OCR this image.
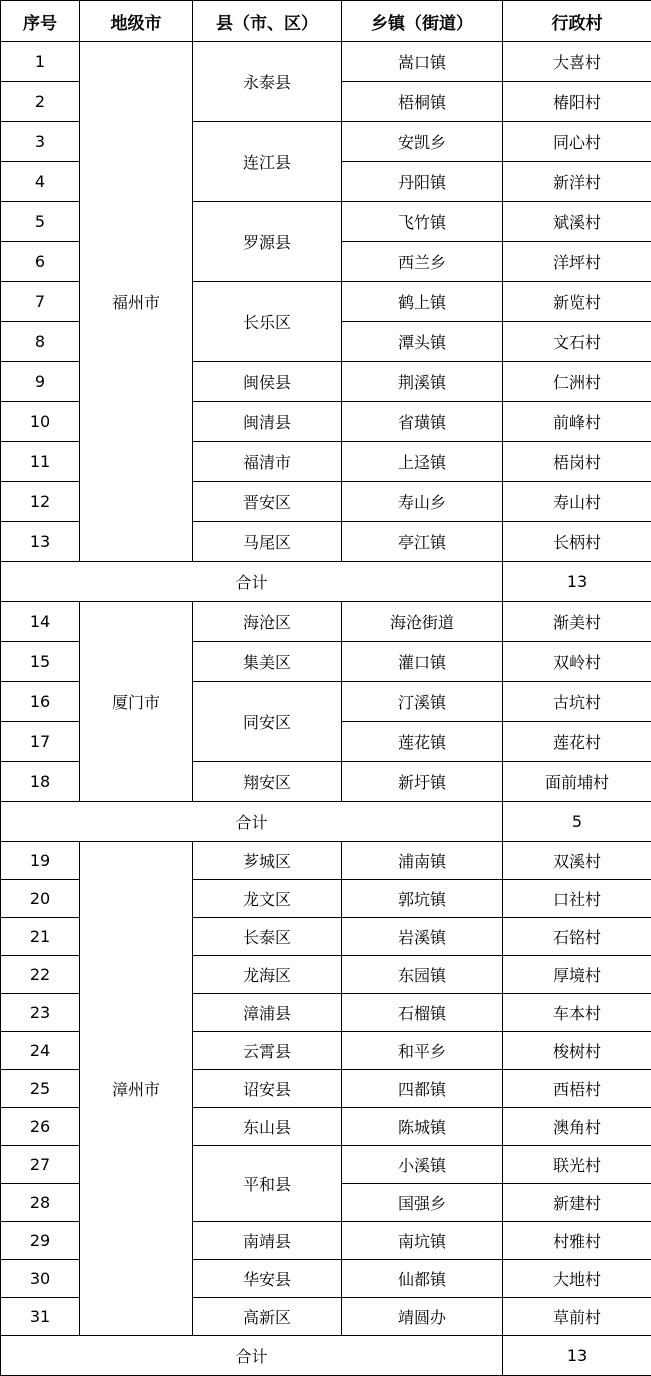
序号	地级市	县（市、区）	乡镇（街道）	行政村
1	福州市	永泰县	嵩口镇	大喜村
2			梧桐镇	椿阳村
3		连江县	安凯乡	同心村
4			丹阳镇	新洋村
5		罗源县	飞竹镇	斌溪村
6			西兰乡	洋坪村
7		长乐区	鹤上镇	新览村
8			潭头镇	文石村
9		闽侯县	荆溪镇	仁洲村
10		闽清县	省璜镇	前峰村
11		福清市	上迳镇	梧岗村
12		晋安区	寿山乡	寿山村
13		马尾区	亭江镇	长柄村
合计				13
14	厦门市	海沧区	海沧街道	渐美村
15		集美区	灌口镇	双岭村
16		同安区	汀溪镇	古坑村
17			莲花镇	莲花村
18		翔安区	新圩镇	面前埔村
合计				5
19	漳州市	芗城区	浦南镇	双溪村
20		龙文区	郭坑镇	口社村
21		长泰区	岩溪镇	石铭村
22		龙海区	东园镇	厚境村
23		漳浦县	石榴镇	车本村
24		云霄县	和平乡	梭树村
25		诏安县	四都镇	西梧村
26		东山县	陈城镇	澳角村
27		平和县	小溪镇	联光村
28			国强乡	新建村
29		南靖县	南坑镇	村雅村
30		华安县	仙都镇	大地村
31		高新区	靖圆办	草前村
合计				13
